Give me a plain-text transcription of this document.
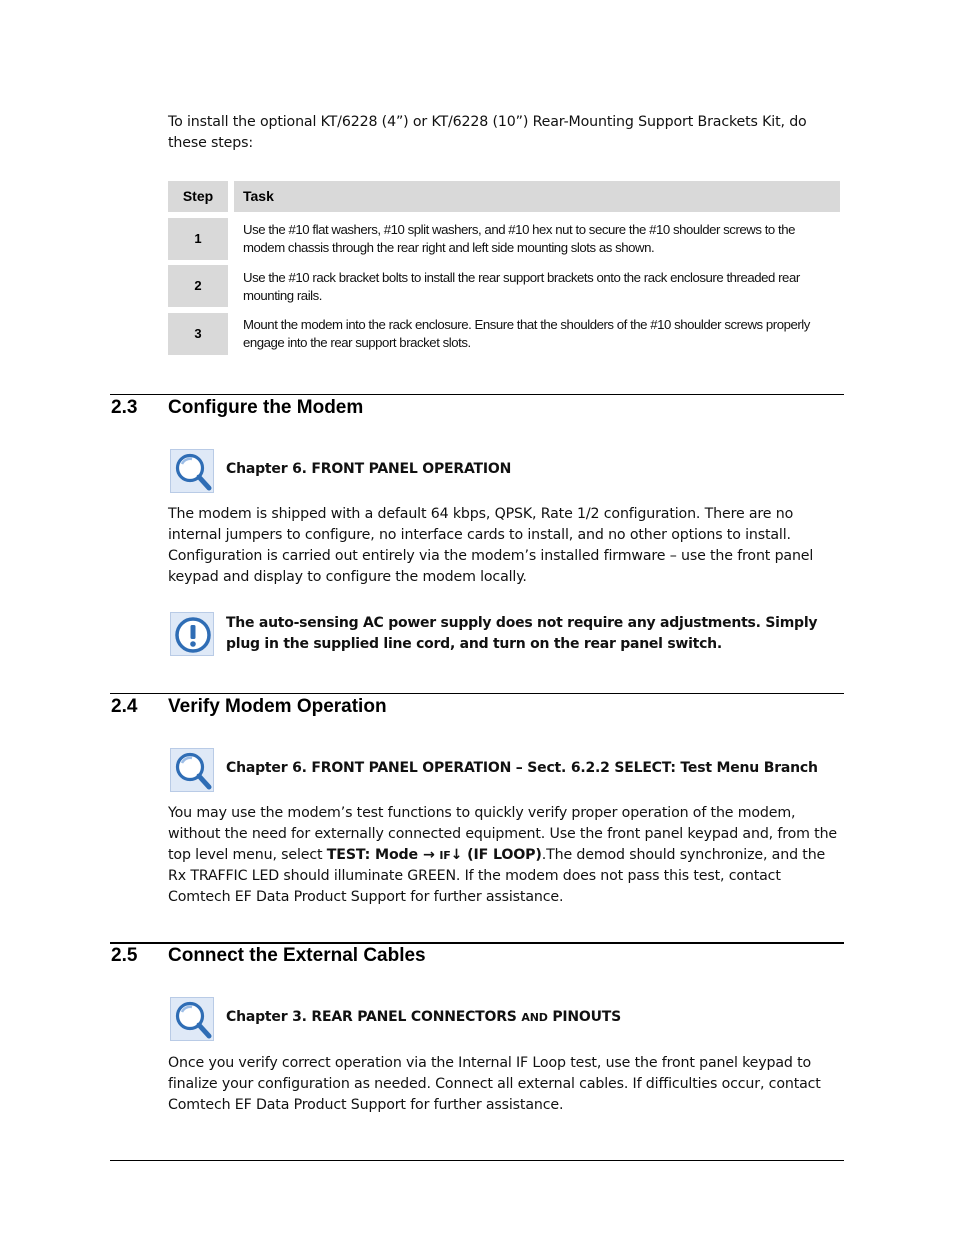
To install the optional KT/6228 (4”) or KT/6228 (10”) Rear-Mounting Support Brackets Kit, do these steps:
Step	Task
1
Use the #10 flat washers, #10 split washers, and #10 hex nut to secure the #10 shoulder screws to the modem chassis through the rear right and left side mounting slots as shown.
2
Use the #10 rack bracket bolts to install the rear support brackets onto the rack enclosure threaded rear mounting rails.
3
Mount the modem into the rack enclosure. Ensure that the shoulders of the #10 shoulder screws properly engage into the rear support bracket slots.
2.3 Configure the Modem
Chapter 6. FRONT PANEL OPERATION
The modem is shipped with a default 64 kbps, QPSK, Rate 1/2 configuration. There are no internal jumpers to configure, no interface cards to install, and no other options to install. Configuration is carried out entirely via the modem’s installed firmware – use the front panel keypad and display to configure the modem locally.
The auto-sensing AC power supply does not require any adjustments. Simply plug in the supplied line cord, and turn on the rear panel switch.
2.4 Verify Modem Operation
Chapter 6. FRONT PANEL OPERATION – Sect. 6.2.2 SELECT: Test Menu Branch
You may use the modem’s test functions to quickly verify proper operation of the modem, without the need for externally connected equipment. Use the front panel keypad and, from the top level menu, select TEST: Mode → IF↓ (IF LOOP).The demod should synchronize, and the Rx TRAFFIC LED should illuminate GREEN. If the modem does not pass this test, contact Comtech EF Data Product Support for further assistance.
2.5 Connect the External Cables
Chapter 3. REAR PANEL CONNECTORS AND PINOUTS
Once you verify correct operation via the Internal IF Loop test, use the front panel keypad to finalize your configuration as needed. Connect all external cables. If difficulties occur, contact Comtech EF Data Product Support for further assistance.
